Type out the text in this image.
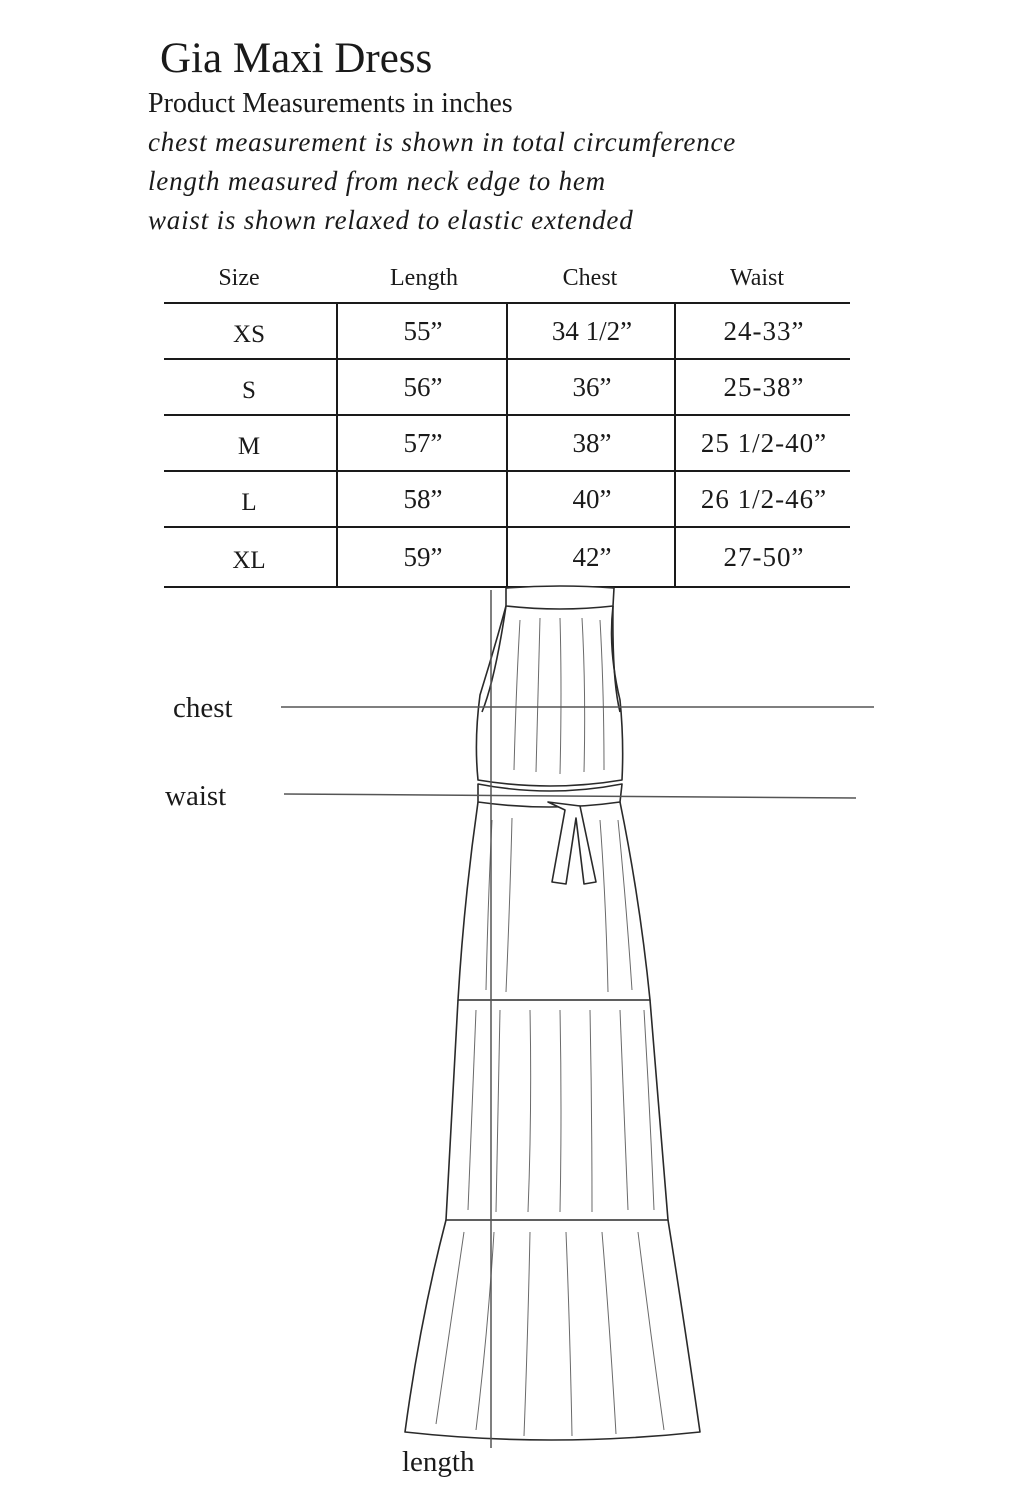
Gia Maxi Dress
Product Measurements in inches
chest measurement is shown in total circumference
length measured from neck edge to hem
waist is shown relaxed to elastic extended
Size	Length	Chest	Waist
XS	55”	34 1/2”	24-33”
S	56”	36”	25-38”
M	57”	38”	25 1/2-40”
L	58”	40”	26 1/2-46”
XL	59”	42”	27-50”
chest
waist
length
